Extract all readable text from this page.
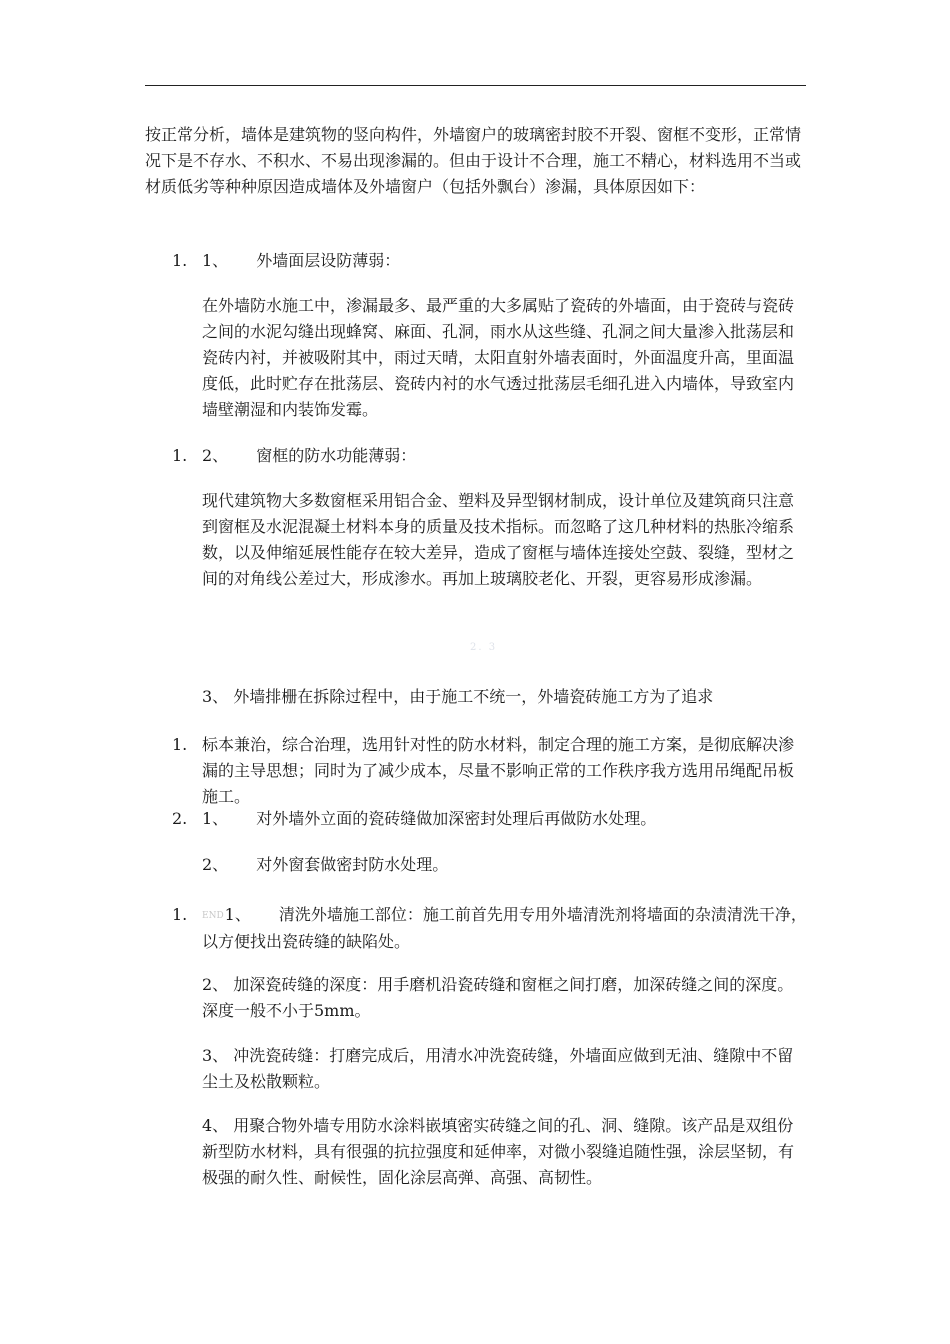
按正常分析，墙体是建筑物的竖向构件，外墙窗户的玻璃密封胶不开裂、窗框不变形，正常情况下是不存水、不积水、不易出现渗漏的。但由于设计不合理，施工不精心，材料选用不当或材质低劣等种种原因造成墙体及外墙窗户（包括外飘台）渗漏，具体原因如下：

1. 1、 外墙面层设防薄弱：

在外墙防水施工中，渗漏最多、最严重的大多属贴了瓷砖的外墙面，由于瓷砖与瓷砖之间的水泥勾缝出现蜂窝、麻面、孔洞，雨水从这些缝、孔洞之间大量渗入批荡层和瓷砖内衬，并被吸附其中，雨过天晴，太阳直射外墙表面时，外面温度升高，里面温度低，此时贮存在批荡层、瓷砖内衬的水气透过批荡层毛细孔进入内墙体，导致室内墙壁潮湿和内装饰发霉。

1. 2、 窗框的防水功能薄弱：

现代建筑物大多数窗框采用铝合金、塑料及异型钢材制成，设计单位及建筑商只注意到窗框及水泥混凝土材料本身的质量及技术指标。而忽略了这几种材料的热胀冷缩系数，以及伸缩延展性能存在较大差异，造成了窗框与墙体连接处空鼓、裂缝，型材之间的对角线公差过大，形成渗水。再加上玻璃胶老化、开裂，更容易形成渗漏。

2. 3

3、 外墙排栅在拆除过程中，由于施工不统一，外墙瓷砖施工方为了追求

1. 标本兼治，综合治理，选用针对性的防水材料，制定合理的施工方案，是彻底解决渗漏的主导思想；同时为了减少成本，尽量不影响正常的工作秩序我方选用吊绳配吊板施工。

2. 1、 对外墙外立面的瓷砖缝做加深密封处理后再做防水处理。
2、 对外窗套做密封防水处理。
1. END1、 清洗外墙施工部位：施工前首先用专用外墙清洗剂将墙面的杂渍清洗干净，以方便找出瓷砖缝的缺陷处。

2、 加深瓷砖缝的深度：用手磨机沿瓷砖缝和窗框之间打磨，加深砖缝之间的深度。深度一般不小于5mm。

3、 冲洗瓷砖缝：打磨完成后，用清水冲洗瓷砖缝，外墙面应做到无油、缝隙中不留尘土及松散颗粒。

4、 用聚合物外墙专用防水涂料嵌填密实砖缝之间的孔、洞、缝隙。该产品是双组份新型防水材料，具有很强的抗拉强度和延伸率，对微小裂缝追随性强，涂层坚韧，有极强的耐久性、耐候性，固化涂层高弹、高强、高韧性。
